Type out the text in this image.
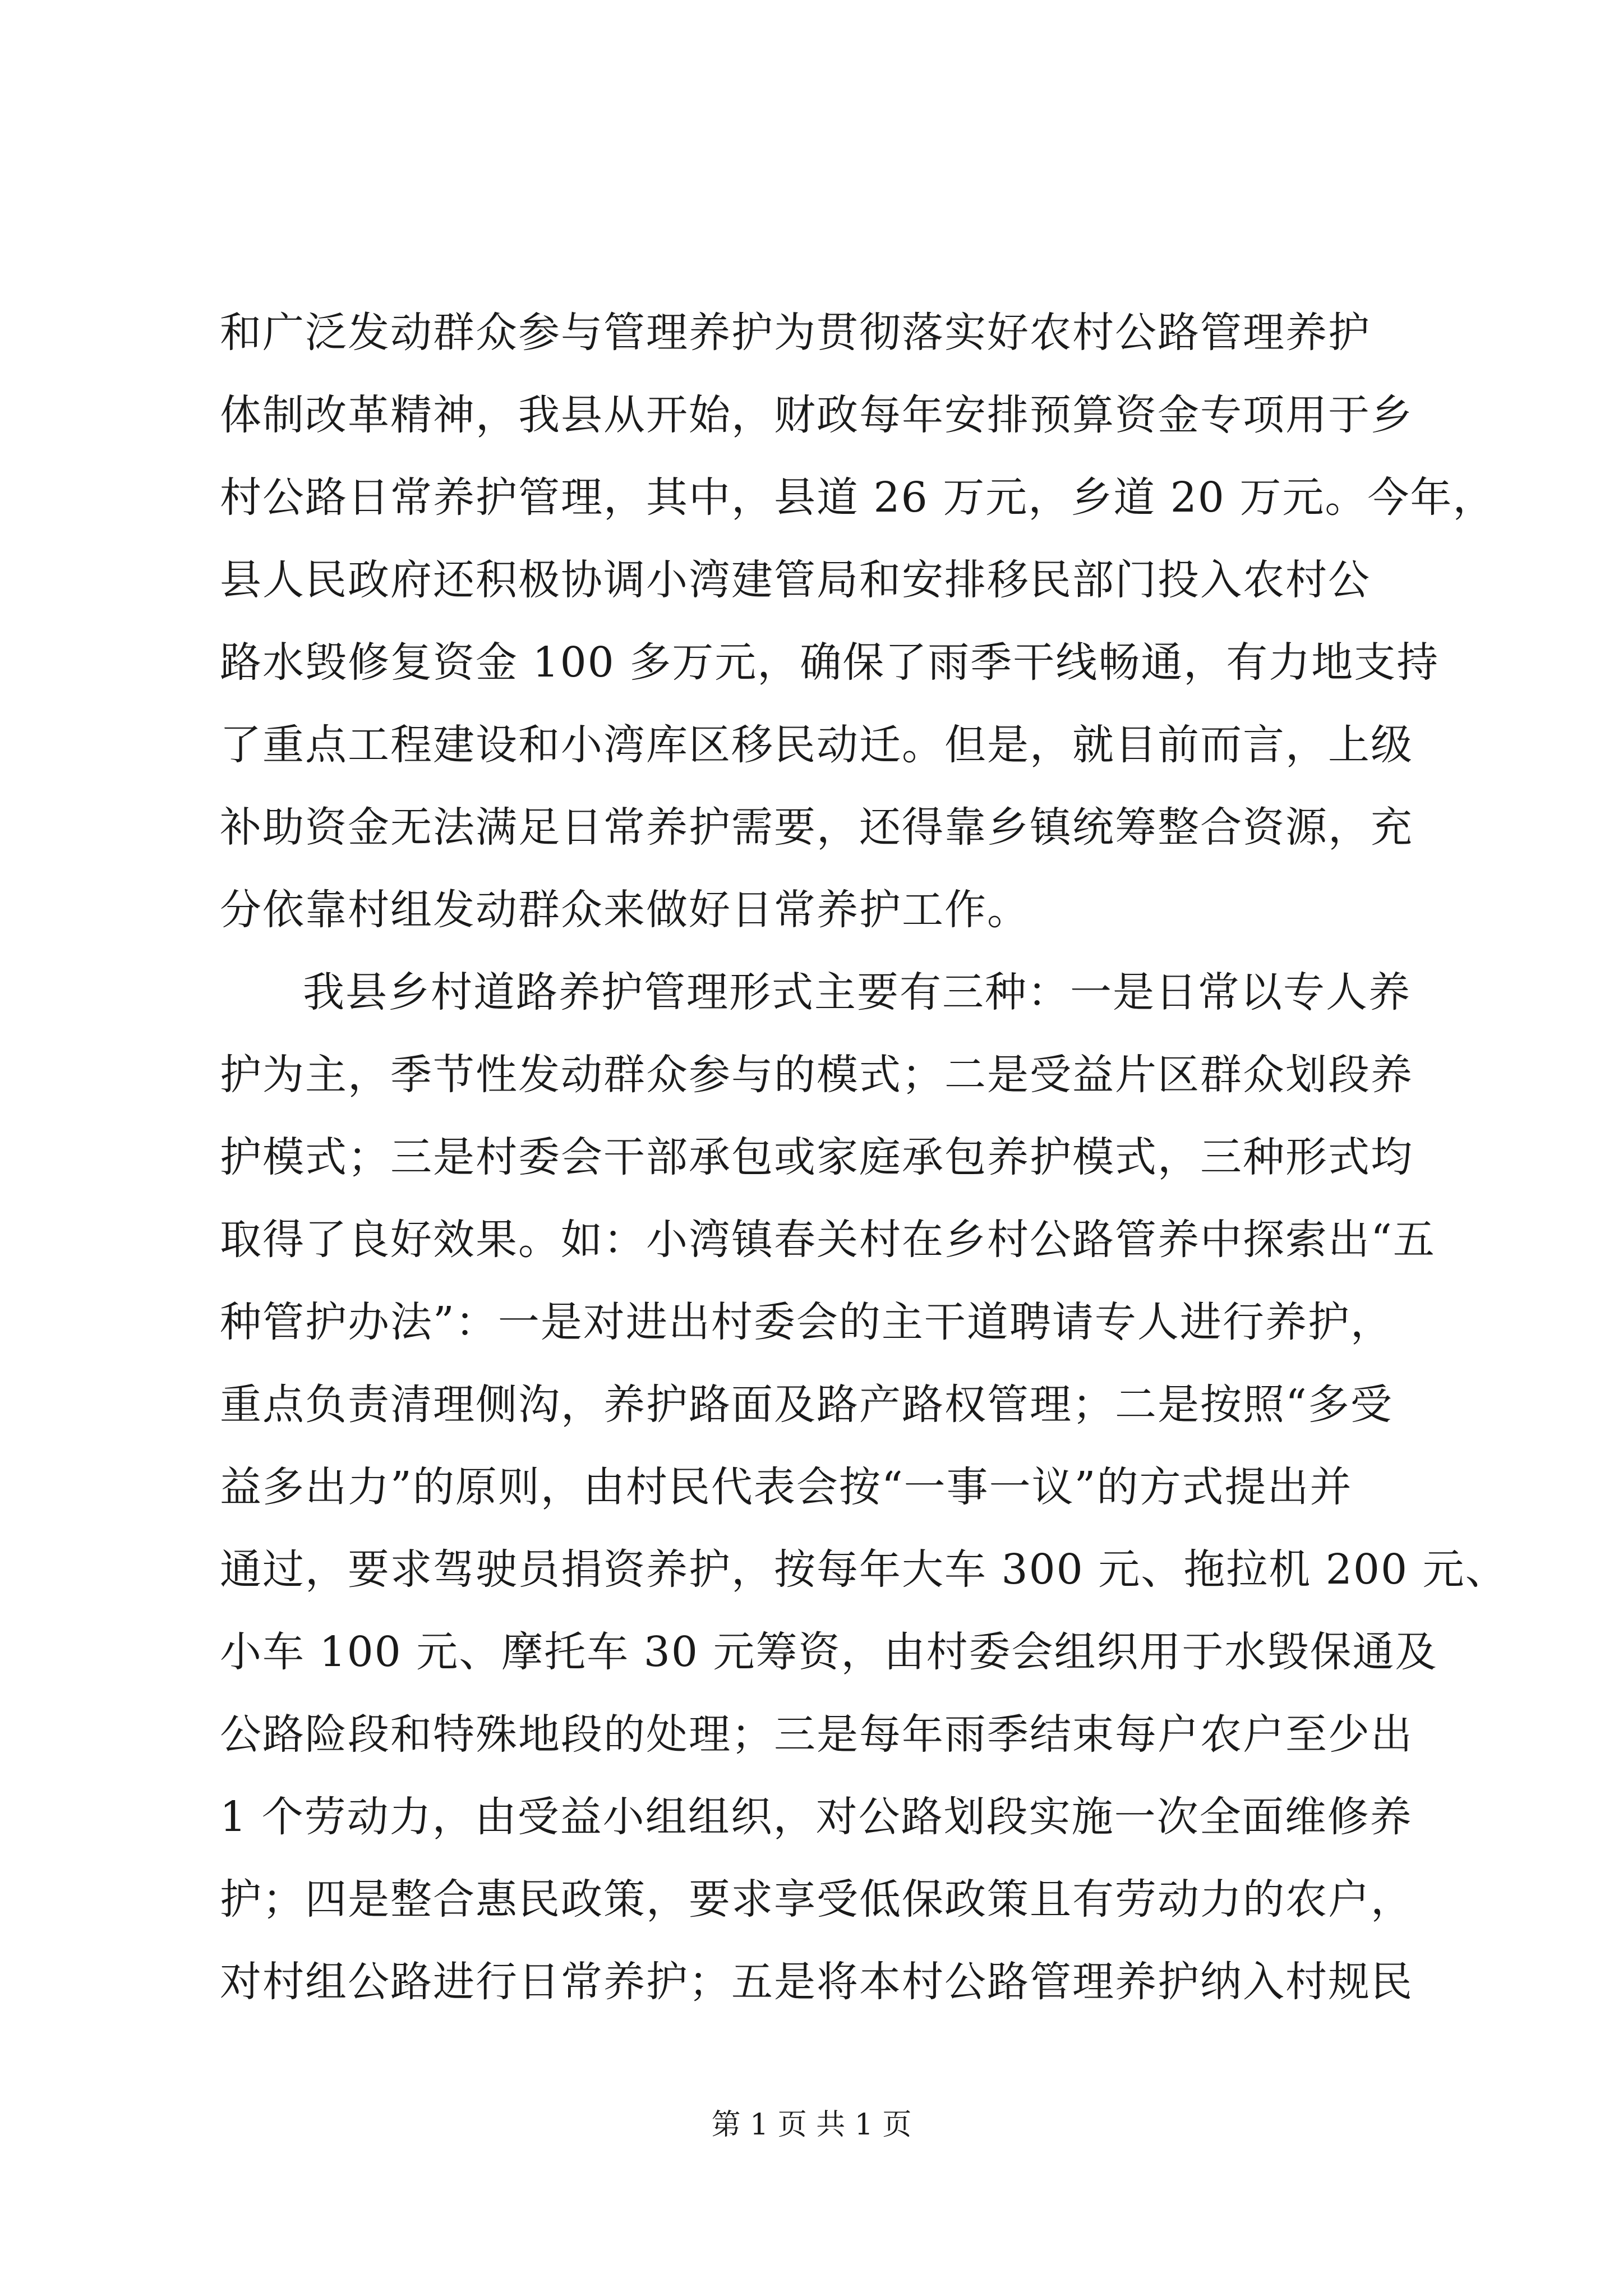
和广泛发动群众参与管理养护为贯彻落实好农村公路管理养护
体制改革精神，我县从开始，财政每年安排预算资金专项用于乡
村公路日常养护管理，其中，县道 26 万元，乡道 20 万元。今年，
县人民政府还积极协调小湾建管局和安排移民部门投入农村公
路水毁修复资金 100 多万元，确保了雨季干线畅通，有力地支持
了重点工程建设和小湾库区移民动迁。但是，就目前而言，上级
补助资金无法满足日常养护需要，还得靠乡镇统筹整合资源，充
分依靠村组发动群众来做好日常养护工作。

我县乡村道路养护管理形式主要有三种：一是日常以专人养
护为主，季节性发动群众参与的模式；二是受益片区群众划段养
护模式；三是村委会干部承包或家庭承包养护模式，三种形式均
取得了良好效果。如：小湾镇春关村在乡村公路管养中探索出“五
种管护办法”：一是对进出村委会的主干道聘请专人进行养护，
重点负责清理侧沟，养护路面及路产路权管理；二是按照“多受
益多出力”的原则，由村民代表会按“一事一议”的方式提出并
通过，要求驾驶员捐资养护，按每年大车 300 元、拖拉机 200 元、
小车 100 元、摩托车 30 元筹资，由村委会组织用于水毁保通及
公路险段和特殊地段的处理；三是每年雨季结束每户农户至少出
1 个劳动力，由受益小组组织，对公路划段实施一次全面维修养
护；四是整合惠民政策，要求享受低保政策且有劳动力的农户，
对村组公路进行日常养护；五是将本村公路管理养护纳入村规民

第 1 页 共 1 页
